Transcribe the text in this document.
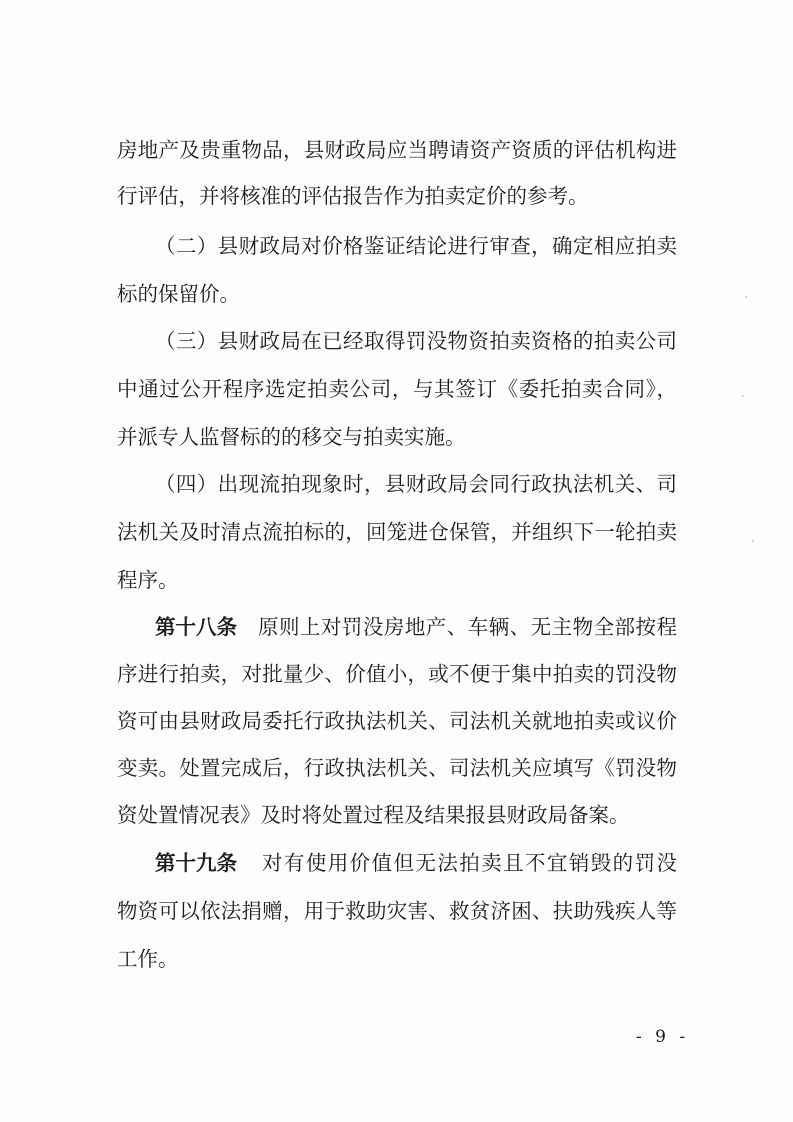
房地产及贵重物品，县财政局应当聘请资产资质的评估机构进
行评估，并将核准的评估报告作为拍卖定价的参考。
（二）县财政局对价格鉴证结论进行审查，确定相应拍卖
标的保留价。
（三）县财政局在已经取得罚没物资拍卖资格的拍卖公司
中通过公开程序选定拍卖公司，与其签订《委托拍卖合同》，
并派专人监督标的的移交与拍卖实施。
（四）出现流拍现象时，县财政局会同行政执法机关、司
法机关及时清点流拍标的，回笼进仓保管，并组织下一轮拍卖
程序。
第十八条 原则上对罚没房地产、车辆、无主物全部按程
序进行拍卖，对批量少、价值小，或不便于集中拍卖的罚没物
资可由县财政局委托行政执法机关、司法机关就地拍卖或议价
变卖。处置完成后，行政执法机关、司法机关应填写《罚没物
资处置情况表》及时将处置过程及结果报县财政局备案。
第十九条 对有使用价值但无法拍卖且不宜销毁的罚没
物资可以依法捐赠，用于救助灾害、救贫济困、扶助残疾人等
工作。
- 9 -
